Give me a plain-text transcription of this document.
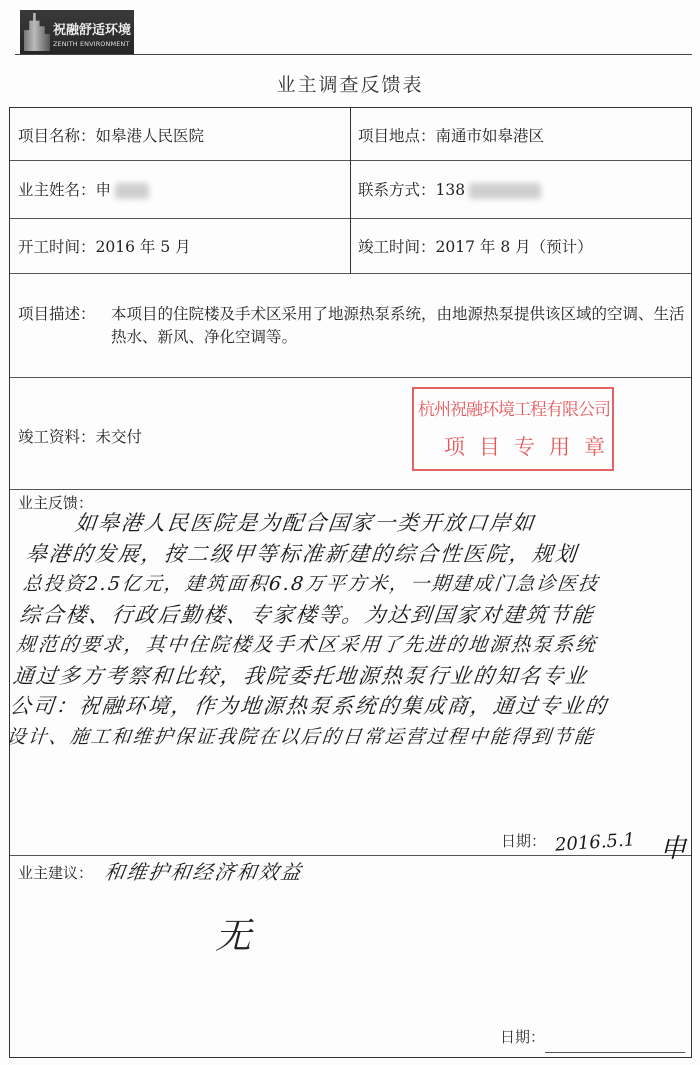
祝融舒适环境
ZENITH ENVIRONMENT
业主调查反馈表
项目名称：如皋港人民医院	项目地点：南通市如皋港区
业主姓名：申	联系方式：138
开工时间：2016 年 5 月	竣工时间：2017 年 8 月（预计）
项目描述： 本项目的住院楼及手术区采用了地源热泵系统，由地源热泵提供该区域的空调、生活热水、新风、净化空调等。
竣工资料：未交付
业主反馈：
　　如皋港人民医院是为配合国家一类开放口岸如
皋港的发展，按二级甲等标准新建的综合性医院，规划
总投资2.5亿元，建筑面积6.8万平方米，一期建成门急诊医技
综合楼、行政后勤楼、专家楼等。为达到国家对建筑节能
规范的要求，其中住院楼及手术区采用了先进的地源热泵系统
通过多方考察和比较，我院委托地源热泵行业的知名专业
公司：祝融环境，作为地源热泵系统的集成商，通过专业的
设计、施工和维护保证我院在以后的日常运营过程中能得到节能
日期： 2016.5.1 申
业主建议： 和维护和经济和效益
无
日期：
杭州祝融环境工程有限公司
项目专用章
